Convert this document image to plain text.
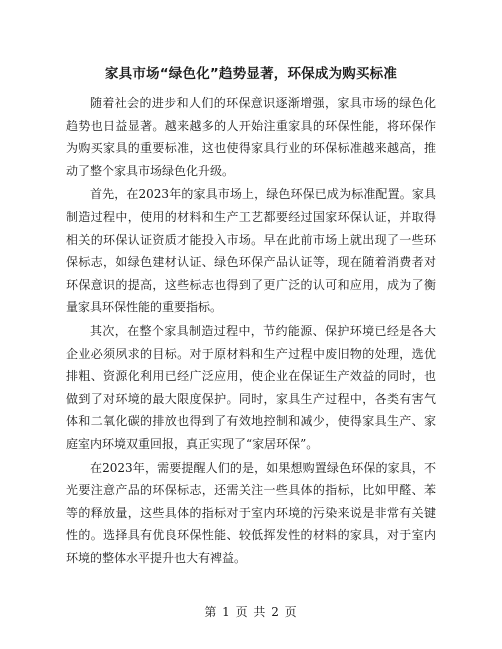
家具市场“绿色化”趋势显著，环保成为购买标准

随着社会的进步和人们的环保意识逐渐增强，家具市场的绿色化趋势也日益显著。越来越多的人开始注重家具的环保性能，将环保作为购买家具的重要标准，这也使得家具行业的环保标准越来越高，推动了整个家具市场绿色化升级。

首先，在2023年的家具市场上，绿色环保已成为标准配置。家具制造过程中，使用的材料和生产工艺都要经过国家环保认证，并取得相关的环保认证资质才能投入市场。早在此前市场上就出现了一些环保标志，如绿色建材认证、绿色环保产品认证等，现在随着消费者对环保意识的提高，这些标志也得到了更广泛的认可和应用，成为了衡量家具环保性能的重要指标。

其次，在整个家具制造过程中，节约能源、保护环境已经是各大企业必须夙求的目标。对于原材料和生产过程中废旧物的处理，选优排粗、资源化利用已经广泛应用，使企业在保证生产效益的同时，也做到了对环境的最大限度保护。同时，家具生产过程中，各类有害气体和二氧化碳的排放也得到了有效地控制和减少，使得家具生产、家庭室内环境双重回报，真正实现了“家居环保”。

在2023年，需要提醒人们的是，如果想购置绿色环保的家具，不光要注意产品的环保标志，还需关注一些具体的指标，比如甲醛、苯等的释放量，这些具体的指标对于室内环境的污染来说是非常有关键性的。选择具有优良环保性能、较低挥发性的材料的家具，对于室内环境的整体水平提升也大有裨益。

第 1 页 共 2 页
